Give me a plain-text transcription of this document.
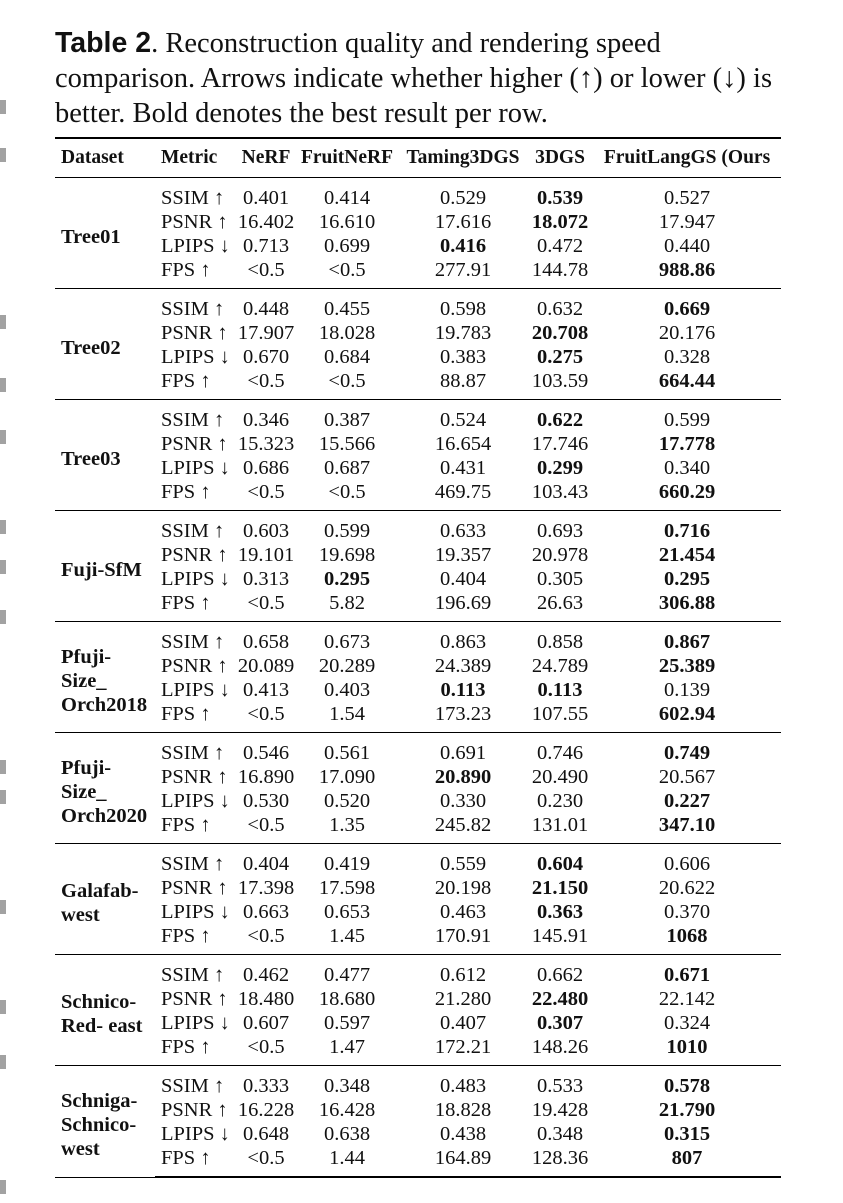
Table 2. Reconstruction quality and rendering speed comparison. Arrows indicate whether higher (↑) or lower (↓) is better. Bold denotes the best result per row.
Dataset	Metric	NeRF	FruitNeRF	Taming3DGS	3DGS	FruitLangGS (Ours
Tree01	SSIM ↑	0.401	0.414	0.529	0.539	0.527
	PSNR ↑	16.402	16.610	17.616	18.072	17.947
	LPIPS ↓	0.713	0.699	0.416	0.472	0.440
	FPS ↑	<0.5	<0.5	277.91	144.78	988.86
Tree02	SSIM ↑	0.448	0.455	0.598	0.632	0.669
	PSNR ↑	17.907	18.028	19.783	20.708	20.176
	LPIPS ↓	0.670	0.684	0.383	0.275	0.328
	FPS ↑	<0.5	<0.5	88.87	103.59	664.44
Tree03	SSIM ↑	0.346	0.387	0.524	0.622	0.599
	PSNR ↑	15.323	15.566	16.654	17.746	17.778
	LPIPS ↓	0.686	0.687	0.431	0.299	0.340
	FPS ↑	<0.5	<0.5	469.75	103.43	660.29
Fuji-SfM	SSIM ↑	0.603	0.599	0.633	0.693	0.716
	PSNR ↑	19.101	19.698	19.357	20.978	21.454
	LPIPS ↓	0.313	0.295	0.404	0.305	0.295
	FPS ↑	<0.5	5.82	196.69	26.63	306.88
Pfuji-Size_ Orch2018	SSIM ↑	0.658	0.673	0.863	0.858	0.867
	PSNR ↑	20.089	20.289	24.389	24.789	25.389
	LPIPS ↓	0.413	0.403	0.113	0.113	0.139
	FPS ↑	<0.5	1.54	173.23	107.55	602.94
Pfuji-Size_ Orch2020	SSIM ↑	0.546	0.561	0.691	0.746	0.749
	PSNR ↑	16.890	17.090	20.890	20.490	20.567
	LPIPS ↓	0.530	0.520	0.330	0.230	0.227
	FPS ↑	<0.5	1.35	245.82	131.01	347.10
Galafab- west	SSIM ↑	0.404	0.419	0.559	0.604	0.606
	PSNR ↑	17.398	17.598	20.198	21.150	20.622
	LPIPS ↓	0.663	0.653	0.463	0.363	0.370
	FPS ↑	<0.5	1.45	170.91	145.91	1068
Schnico- Red- east	SSIM ↑	0.462	0.477	0.612	0.662	0.671
	PSNR ↑	18.480	18.680	21.280	22.480	22.142
	LPIPS ↓	0.607	0.597	0.407	0.307	0.324
	FPS ↑	<0.5	1.47	172.21	148.26	1010
Schniga- Schnico- west	SSIM ↑	0.333	0.348	0.483	0.533	0.578
	PSNR ↑	16.228	16.428	18.828	19.428	21.790
	LPIPS ↓	0.648	0.638	0.438	0.348	0.315
	FPS ↑	<0.5	1.44	164.89	128.36	807
